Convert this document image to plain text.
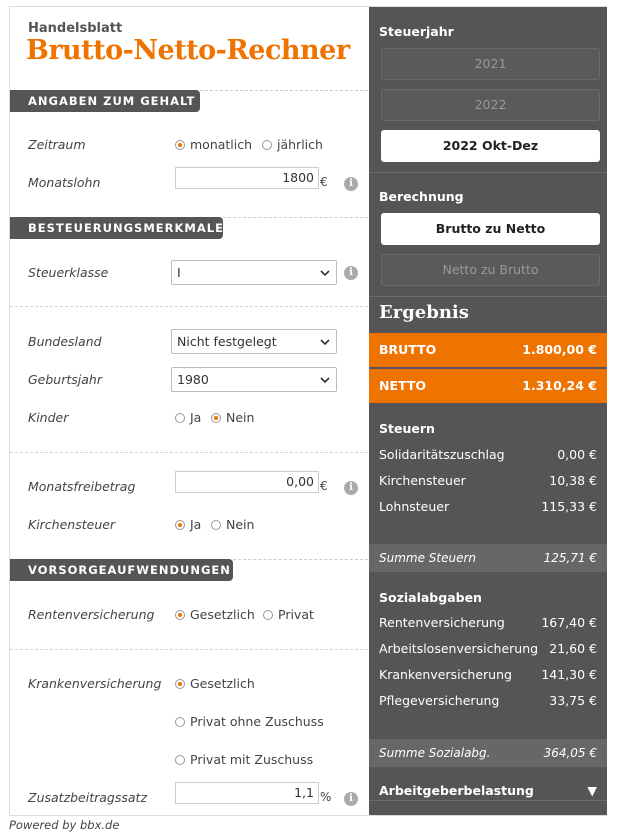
Handelsblatt
Brutto-Netto-Rechner
ANGABEN ZUM GEHALT
Zeitraum	monatlich jährlich
Monatslohn	1800 €	i
BESTEUERUNGSMERKMALE
Steuerklasse	I	i
Bundesland	Nicht festgelegt
Geburtsjahr	1980
Kinder	Ja Nein
Monatsfreibetrag	0,00 €	i
Kirchensteuer	Ja Nein
VORSORGEAUFWENDUNGEN
Rentenversicherung	Gesetzlich Privat
Krankenversicherung Gesetzlich
Privat ohne Zuschuss
Privat mit Zuschuss
Zusatzbeitragssatz	1,1 %	i
Steuerjahr
2021
2022
2022 Okt-Dez
Berechnung
Brutto zu Netto
Netto zu Brutto
Ergebnis
BRUTTO	1.800,00 €
NETTO	1.310,24 €
Steuern
Solidaritätszuschlag	0,00 €
Kirchensteuer	10,38 €
Lohnsteuer	115,33 €
Summe Steuern	125,71 €
Sozialabgaben
Rentenversicherung	167,40 €
Arbeitslosenversicherung 21,60 €
Krankenversicherung 141,30 €
Pflegeversicherung	33,75 €
Summe Sozialabg.	364,05 €
Arbeitgeberbelastung	▼
Powered by bbx.de
